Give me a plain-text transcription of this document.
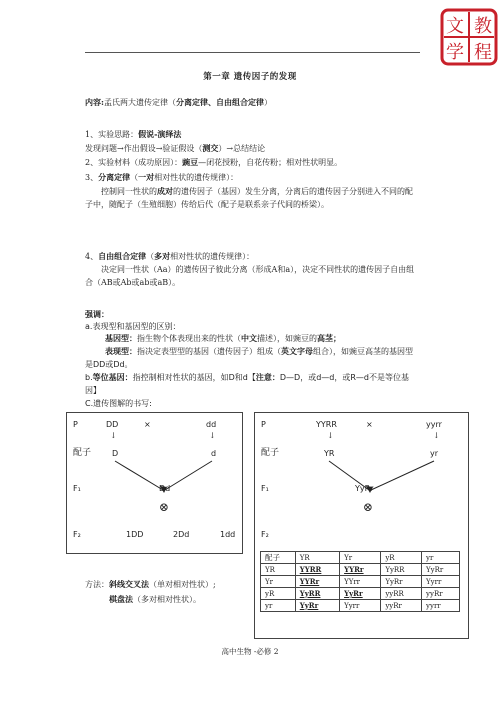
文
学
教
程
第一章 遗传因子的发现
内容:孟氏两大遗传定律（分离定律、自由组合定律）
1、实验思路：假说-演绎法
发现问题→作出假设→验证假设（测交）→总结结论
2、实验材料（成功原因）：豌豆—闭花授粉，自花传粉；相对性状明显。
3、分离定律（一对相对性状的遗传规律）：
控制同一性状的成对的遗传因子（基因）发生分离，分离后的遗传因子分别进入不同的配子中，随配子（生殖细胞）传给后代（配子是联系亲子代间的桥梁）。
4、自由组合定律（多对相对性状的遗传规律）：
决定同一性状（Aa）的遗传因子彼此分离（形成A和a），决定不同性状的遗传因子自由组合（AB或Ab或ab或aB）。
强调：
a.表现型和基因型的区别：
基因型：指生物个体表现出来的性状（中文描述），如豌豆的高茎；
表现型：指决定表型型的基因（遗传因子）组成（英文字母组合），如豌豆高茎的基因型是DD或Dd。
b.等位基因：指控制相对性状的基因，如D和d【注意：D—D，或d—d，或R—d不是等位基因】
C.遗传图解的书写:
P	DD	×	dd
↓	↓
配子	D	d
F₁	Dd
⊗
F₂	1DD	2Dd	1dd
P	YYRR	×	yyrr
↓	↓
配子	YR	yr
F₁	YyRr
⊗
F₂
配子	YR	Yr	yR	yr
YR	YYRR	YYRr	YyRR	YyRr
Yr	YYRr	YYrr	YyRr	Yyrr
yR	YyRR	YyRr	yyRR	yyRr
yr	YyRr	Yyrr	yyRr	yyrr
方法：斜线交叉法（单对相对性状）;
棋盘法（多对相对性状）。
高中生物 -必修 2
